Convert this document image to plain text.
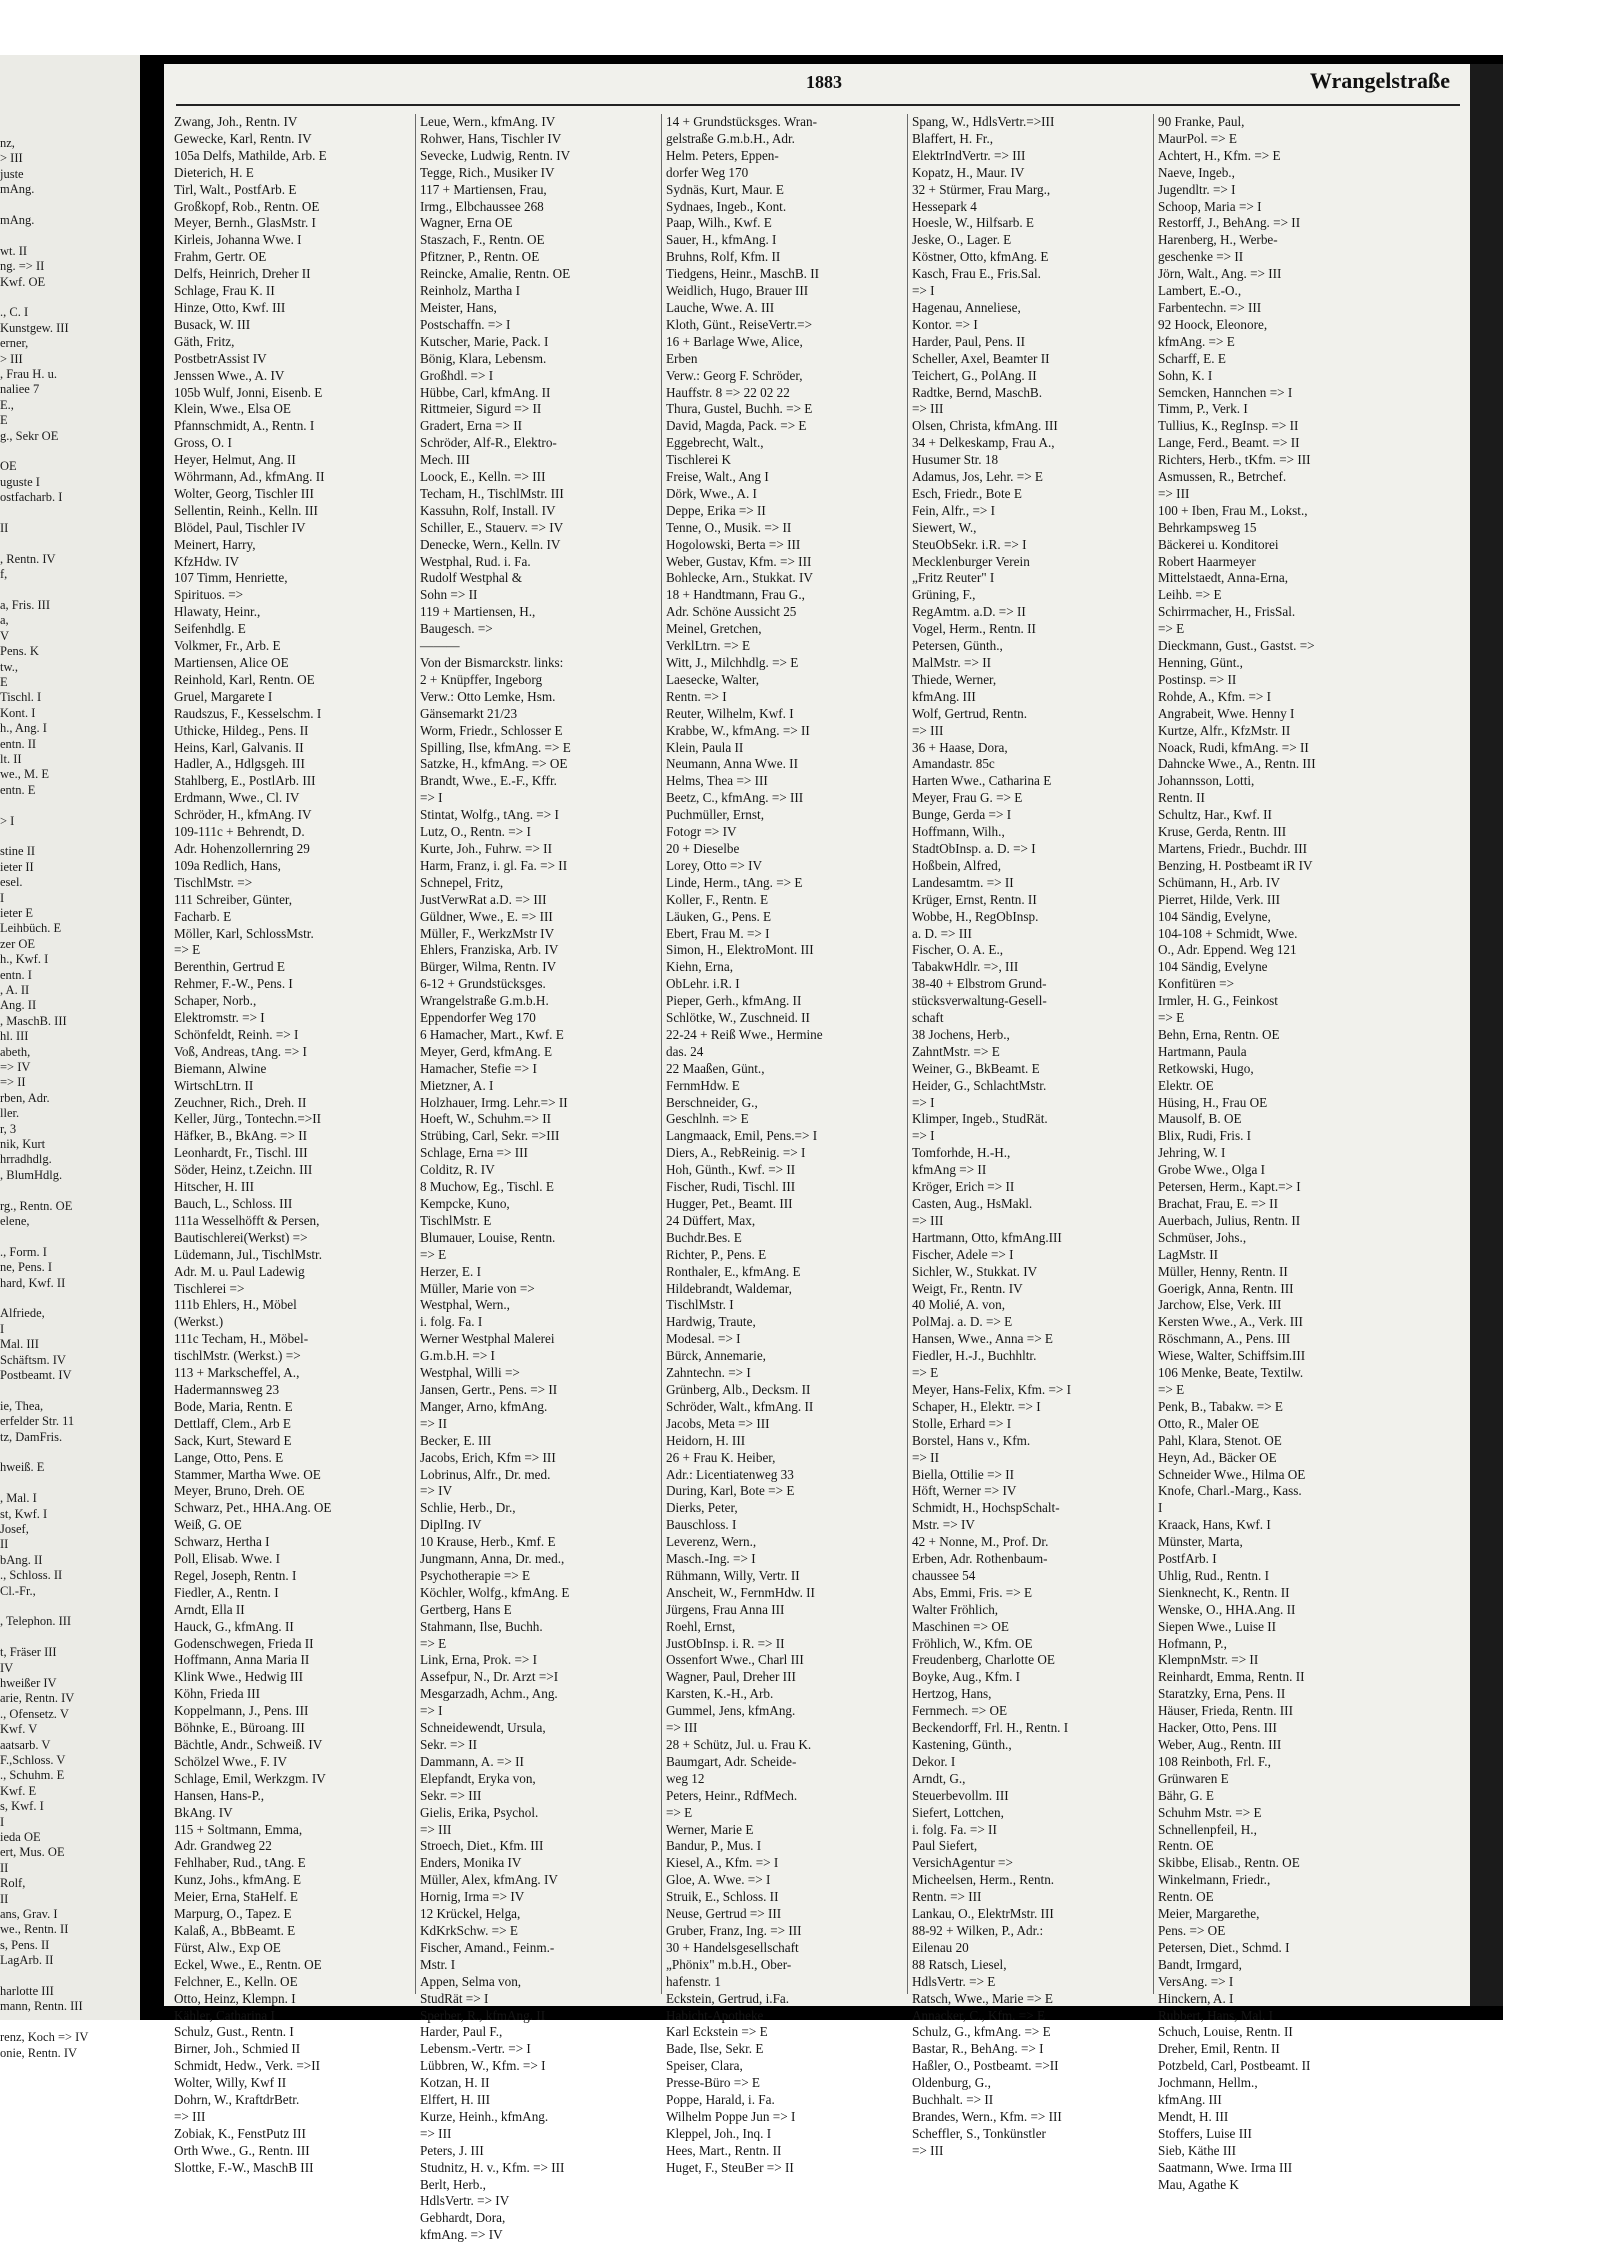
nz,
> III
juste
mAng.
mAng.
wt. II
ng. => II
Kwf. OE
., C. I
Kunstgew. III
erner,
> III
, Frau H. u.
naliee 7
E.,
E
g., Sekr OE
OE
uguste I
ostfacharb. I
II
, Rentn. IV
f,
a, Fris. III
a,
V
Pens. K
tw.,
E
Tischl. I
Kont. I
h., Ang. I
entn. II
lt. II
we., M. E
entn. E
> I
stine II
ieter II
esel.
I
ieter E
Leihbüch. E
zer OE
h., Kwf. I
entn. I
, A. II
Ang. II
, MaschB. III
hl. III
abeth,
=> IV
=> II
rben, Adr.
ller.
r, 3
nik, Kurt
hrradhdlg.
, BlumHdlg.
rg., Rentn. OE
elene,
., Form. I
ne, Pens. I
hard, Kwf. II
Alfriede,
I
Mal. III
Schäftsm. IV
Postbeamt. IV
ie, Thea,
erfelder Str. 11
tz, DamFris.
hweiß. E
, Mal. I
st, Kwf. I
Josef,
II
bAng. II
., Schloss. II
Cl.-Fr.,
, Telephon. III
t, Fräser III
IV
hweißer IV
arie, Rentn. IV
., Ofensetz. V
Kwf. V
aatsarb. V
F.,Schloss. V
., Schuhm. E
Kwf. E
s, Kwf. I
I
ieda OE
ert, Mus. OE
II
Rolf,
II
ans, Grav. I
we., Rentn. II
s, Pens. II
LagArb. II
harlotte III
mann, Rentn. III
renz, Koch => IV
onie, Rentn. IV
1883	Wrangelstraße
Zwang, Joh., Rentn. IV
Gewecke, Karl, Rentn. IV
105a Delfs, Mathilde, Arb. E
Dieterich, H. E
Tirl, Walt., PostfArb. E
Großkopf, Rob., Rentn. OE
Meyer, Bernh., GlasMstr. I
Kirleis, Johanna Wwe. I
Frahm, Gertr. OE
Delfs, Heinrich, Dreher II
Schlage, Frau K. II
Hinze, Otto, Kwf. III
Busack, W. III
Gäth, Fritz,
PostbetrAssist IV
Jenssen Wwe., A. IV
105b Wulf, Jonni, Eisenb. E
Klein, Wwe., Elsa OE
Pfannschmidt, A., Rentn. I
Gross, O. I
Heyer, Helmut, Ang. II
Wöhrmann, Ad., kfmAng. II
Wolter, Georg, Tischler III
Sellentin, Reinh., Kelln. III
Blödel, Paul, Tischler IV
Meinert, Harry,
KfzHdw. IV
107 Timm, Henriette,
Spirituos. =>
Hlawaty, Heinr.,
Seifenhdlg. E
Volkmer, Fr., Arb. E
Martiensen, Alice OE
Reinhold, Karl, Rentn. OE
Gruel, Margarete I
Raudszus, F., Kesselschm. I
Uthicke, Hildeg., Pens. II
Heins, Karl, Galvanis. II
Hadler, A., Hdlgsgeh. III
Stahlberg, E., PostlArb. III
Erdmann, Wwe., Cl. IV
Schröder, H., kfmAng. IV
109-111c + Behrendt, D.
Adr. Hohenzollernring 29
109a Redlich, Hans,
TischlMstr. =>
111 Schreiber, Günter,
Facharb. E
Möller, Karl, SchlossMstr.
=> E
Berenthin, Gertrud E
Rehmer, F.-W., Pens. I
Schaper, Norb.,
Elektromstr. => I
Schönfeldt, Reinh. => I
Voß, Andreas, tAng. => I
Biemann, Alwine
WirtschLtrn. II
Zeuchner, Rich., Dreh. II
Keller, Jürg., Tontechn.=>II
Häfker, B., BkAng. => II
Leonhardt, Fr., Tischl. III
Söder, Heinz, t.Zeichn. III
Hitscher, H. III
Bauch, L., Schloss. III
111a Wesselhöfft & Persen,
Bautischlerei(Werkst) =>
Lüdemann, Jul., TischlMstr.
Adr. M. u. Paul Ladewig
Tischlerei =>
111b Ehlers, H., Möbel
(Werkst.)
111c Techam, H., Möbel-
tischlMstr. (Werkst.) =>
113 + Markscheffel, A.,
Hadermannsweg 23
Bode, Maria, Rentn. E
Dettlaff, Clem., Arb E
Sack, Kurt, Steward E
Lange, Otto, Pens. E
Stammer, Martha Wwe. OE
Meyer, Bruno, Dreh. OE
Schwarz, Pet., HHA.Ang. OE
Weiß, G. OE
Schwarz, Hertha I
Poll, Elisab. Wwe. I
Regel, Joseph, Rentn. I
Fiedler, A., Rentn. I
Arndt, Ella II
Hauck, G., kfmAng. II
Godenschwegen, Frieda II
Hoffmann, Anna Maria II
Klink Wwe., Hedwig III
Köhn, Frieda III
Koppelmann, J., Pens. III
Böhnke, E., Büroang. III
Bächtle, Andr., Schweiß. IV
Schölzel Wwe., F. IV
Schlage, Emil, Werkzgm. IV
Hansen, Hans-P.,
BkAng. IV
115 + Soltmann, Emma,
Adr. Grandweg 22
Fehlhaber, Rud., tAng. E
Kunz, Johs., kfmAng. E
Meier, Erna, StaHelf. E
Marpurg, O., Tapez. E
Kalaß, A., BbBeamt. E
Fürst, Alw., Exp OE
Eckel, Wwe., E., Rentn. OE
Felchner, E., Kelln. OE
Otto, Heinz, Klempn. I
Kähler, Catharina I
Schulz, Gust., Rentn. I
Birner, Joh., Schmied II
Schmidt, Hedw., Verk. =>II
Wolter, Willy, Kwf II
Dohrn, W., KraftdrBetr.
=> III
Zobiak, K., FenstPutz III
Orth Wwe., G., Rentn. III
Slottke, F.-W., MaschB III
Leue, Wern., kfmAng. IV
Rohwer, Hans, Tischler IV
Sevecke, Ludwig, Rentn. IV
Tegge, Rich., Musiker IV
117 + Martiensen, Frau,
Irmg., Elbchaussee 268
Wagner, Erna OE
Staszach, F., Rentn. OE
Pfitzner, P., Rentn. OE
Reincke, Amalie, Rentn. OE
Reinholz, Martha I
Meister, Hans,
Postschaffn. => I
Kutscher, Marie, Pack. I
Bönig, Klara, Lebensm.
Großhdl. => I
Hübbe, Carl, kfmAng. II
Rittmeier, Sigurd => II
Gradert, Erna => II
Schröder, Alf-R., Elektro-
Mech. III
Loock, E., Kelln. => III
Techam, H., TischlMstr. III
Kassuhn, Rolf, Install. IV
Schiller, E., Stauerv. => IV
Denecke, Wern., Kelln. IV
Westphal, Rud. i. Fa.
Rudolf Westphal &
Sohn => II
119 + Martiensen, H.,
Baugesch. =>
———
Von der Bismarckstr. links:
2 + Knüpffer, Ingeborg
Verw.: Otto Lemke, Hsm.
Gänsemarkt 21/23
Worm, Friedr., Schlosser E
Spilling, Ilse, kfmAng. => E
Satzke, H., kfmAng. => OE
Brandt, Wwe., E.-F., Kffr.
=> I
Stintat, Wolfg., tAng. => I
Lutz, O., Rentn. => I
Kurte, Joh., Fuhrw. => II
Harm, Franz, i. gl. Fa. => II
Schnepel, Fritz,
JustVerwRat a.D. => III
Güldner, Wwe., E. => III
Müller, F., WerkzMstr IV
Ehlers, Franziska, Arb. IV
Bürger, Wilma, Rentn. IV
6-12 + Grundstücksges.
Wrangelstraße G.m.b.H.
Eppendorfer Weg 170
6 Hamacher, Mart., Kwf. E
Meyer, Gerd, kfmAng. E
Hamacher, Stefie => I
Mietzner, A. I
Holzhauer, Irmg. Lehr.=> II
Hoeft, W., Schuhm.=> II
Strübing, Carl, Sekr. =>III
Schlage, Erna => III
Colditz, R. IV
8 Muchow, Eg., Tischl. E
Kempcke, Kuno,
TischlMstr. E
Blumauer, Louise, Rentn.
=> E
Herzer, E. I
Müller, Marie von =>
Westphal, Wern.,
i. folg. Fa. I
Werner Westphal Malerei
G.m.b.H. => I
Westphal, Willi =>
Jansen, Gertr., Pens. => II
Manger, Arno, kfmAng.
=> II
Becker, E. III
Jacobs, Erich, Kfm => III
Lobrinus, Alfr., Dr. med.
=> IV
Schlie, Herb., Dr.,
DiplIng. IV
10 Krause, Herb., Kmf. E
Jungmann, Anna, Dr. med.,
Psychotherapie => E
Köchler, Wolfg., kfmAng. E
Gertberg, Hans E
Stahmann, Ilse, Buchh.
=> E
Link, Erna, Prok. => I
Assefpur, N., Dr. Arzt =>I
Mesgarzadh, Achm., Ang.
=> I
Schneidewendt, Ursula,
Sekr. => II
Dammann, A. => II
Elepfandt, Eryka von,
Sekr. => III
Gielis, Erika, Psychol.
=> III
Stroech, Diet., Kfm. III
Enders, Monika IV
Müller, Alex, kfmAng. IV
Hornig, Irma => IV
12 Krückel, Helga,
KdKrkSchw. => E
Fischer, Amand., Feinm.-
Mstr. I
Appen, Selma von,
StudRät => I
Sperber, R., kfmAng. II
Harder, Paul F.,
Lebensm.-Vertr. => I
Lübbren, W., Kfm. => I
Kotzan, H. II
Elffert, H. III
Kurze, Heinh., kfmAng.
=> III
Peters, J. III
Studnitz, H. v., Kfm. => III
Berlt, Herb.,
HdlsVertr. => IV
Gebhardt, Dora,
kfmAng. => IV
14 + Grundstücksges. Wran-
gelstraße G.m.b.H., Adr.
Helm. Peters, Eppen-
dorfer Weg 170
Sydnäs, Kurt, Maur. E
Sydnaes, Ingeb., Kont.
Paap, Wilh., Kwf. E
Sauer, H., kfmAng. I
Bruhns, Rolf, Kfm. II
Tiedgens, Heinr., MaschB. II
Weidlich, Hugo, Brauer III
Lauche, Wwe. A. III
Kloth, Günt., ReiseVertr.=>
16 + Barlage Wwe, Alice,
Erben
Verw.: Georg F. Schröder,
Hauffstr. 8 => 22 02 22
Thura, Gustel, Buchh. => E
David, Magda, Pack. => E
Eggebrecht, Walt.,
Tischlerei K
Freise, Walt., Ang I
Dörk, Wwe., A. I
Deppe, Erika => II
Tenne, O., Musik. => II
Hogolowski, Berta => III
Weber, Gustav, Kfm. => III
Bohlecke, Arn., Stukkat. IV
18 + Handtmann, Frau G.,
Adr. Schöne Aussicht 25
Meinel, Gretchen,
VerklLtrn. => E
Witt, J., Milchhdlg. => E
Laesecke, Walter,
Rentn. => I
Reuter, Wilhelm, Kwf. I
Krabbe, W., kfmAng. => II
Klein, Paula II
Neumann, Anna Wwe. II
Helms, Thea => III
Beetz, C., kfmAng. => III
Puchmüller, Ernst,
Fotogr => IV
20 + Dieselbe
Lorey, Otto => IV
Linde, Herm., tAng. => E
Koller, F., Rentn. E
Läuken, G., Pens. E
Ebert, Frau M. => I
Simon, H., ElektroMont. III
Kiehn, Erna,
ObLehr. i.R. I
Pieper, Gerh., kfmAng. II
Schlötke, W., Zuschneid. II
22-24 + Reiß Wwe., Hermine
das. 24
22 Maaßen, Günt.,
FernmHdw. E
Berschneider, G.,
Geschlnh. => E
Langmaack, Emil, Pens.=> I
Diers, A., RebReinig. => I
Hoh, Günth., Kwf. => II
Fischer, Rudi, Tischl. III
Hugger, Pet., Beamt. III
24 Düffert, Max,
Buchdr.Bes. E
Richter, P., Pens. E
Ronthaler, E., kfmAng. E
Hildebrandt, Waldemar,
TischlMstr. I
Hardwig, Traute,
Modesal. => I
Bürck, Annemarie,
Zahntechn. => I
Grünberg, Alb., Decksm. II
Schröder, Walt., kfmAng. II
Jacobs, Meta => III
Heidorn, H. III
26 + Frau K. Heiber,
Adr.: Licentiatenweg 33
During, Karl, Bote => E
Dierks, Peter,
Bauschloss. I
Leverenz, Wern.,
Masch.-Ing. => I
Rühmann, Willy, Vertr. II
Anscheit, W., FernmHdw. II
Jürgens, Frau Anna III
Roehl, Ernst,
JustObInsp. i. R. => II
Ossenfort Wwe., Charl III
Wagner, Paul, Dreher III
Karsten, K.-H., Arb.
Gummel, Jens, kfmAng.
=> III
28 + Schütz, Jul. u. Frau K.
Baumgart, Adr. Scheide-
weg 12
Peters, Heinr., RdfMech.
=> E
Werner, Marie E
Bandur, P., Mus. I
Kiesel, A., Kfm. => I
Gloe, A. Wwe. => I
Struik, E., Schloss. II
Neuse, Gertrud => III
Gruber, Franz, Ing. => III
30 + Handelsgesellschaft
„Phönix" m.b.H., Ober-
hafenstr. 1
Eckstein, Gertrud, i.Fa.
Habicht-Apotheke
Karl Eckstein => E
Bade, Ilse, Sekr. E
Speiser, Clara,
Presse-Büro => E
Poppe, Harald, i. Fa.
Wilhelm Poppe Jun => I
Kleppel, Joh., Inq. I
Hees, Mart., Rentn. II
Huget, F., SteuBer => II
Spang, W., HdlsVertr.=>III
Blaffert, H. Fr.,
ElektrIndVertr. => III
Kopatz, H., Maur. IV
32 + Stürmer, Frau Marg.,
Hessepark 4
Hoesle, W., Hilfsarb. E
Jeske, O., Lager. E
Köstner, Otto, kfmAng. E
Kasch, Frau E., Fris.Sal.
=> I
Hagenau, Anneliese,
Kontor. => I
Harder, Paul, Pens. II
Scheller, Axel, Beamter II
Teichert, G., PolAng. II
Radtke, Bernd, MaschB.
=> III
Olsen, Christa, kfmAng. III
34 + Delkeskamp, Frau A.,
Husumer Str. 18
Adamus, Jos, Lehr. => E
Esch, Friedr., Bote E
Fein, Alfr., => I
Siewert, W.,
SteuObSekr. i.R. => I
Mecklenburger Verein
„Fritz Reuter" I
Grüning, F.,
RegAmtm. a.D. => II
Vogel, Herm., Rentn. II
Petersen, Günth.,
MalMstr. => II
Thiede, Werner,
kfmAng. III
Wolf, Gertrud, Rentn.
=> III
36 + Haase, Dora,
Amandastr. 85c
Harten Wwe., Catharina E
Meyer, Frau G. => E
Bunge, Gerda => I
Hoffmann, Wilh.,
StadtObInsp. a. D. => I
Hoßbein, Alfred,
Landesamtm. => II
Krüger, Ernst, Rentn. II
Wobbe, H., RegObInsp.
a. D. => III
Fischer, O. A. E.,
TabakwHdlr. =>, III
38-40 + Elbstrom Grund-
stücksverwaltung-Gesell-
schaft
38 Jochens, Herb.,
ZahntMstr. => E
Weiner, G., BkBeamt. E
Heider, G., SchlachtMstr.
=> I
Klimper, Ingeb., StudRät.
=> I
Tomforhde, H.-H.,
kfmAng => II
Kröger, Erich => II
Casten, Aug., HsMakl.
=> III
Hartmann, Otto, kfmAng.III
Fischer, Adele => I
Sichler, W., Stukkat. IV
Weigt, Fr., Rentn. IV
40 Molié, A. von,
PolMaj. a. D. => E
Hansen, Wwe., Anna => E
Fiedler, H.-J., Buchhltr.
=> E
Meyer, Hans-Felix, Kfm. => I
Schaper, H., Elektr. => I
Stolle, Erhard => I
Borstel, Hans v., Kfm.
=> II
Biella, Ottilie => II
Höft, Werner => IV
Schmidt, H., HochspSchalt-
Mstr. => IV
42 + Nonne, M., Prof. Dr.
Erben, Adr. Rothenbaum-
chaussee 54
Abs, Emmi, Fris. => E
Walter Fröhlich,
Maschinen => OE
Fröhlich, W., Kfm. OE
Freudenberg, Charlotte OE
Boyke, Aug., Kfm. I
Hertzog, Hans,
Fernmech. => OE
Beckendorff, Frl. H., Rentn. I
Kastening, Günth.,
Dekor. I
Arndt, G.,
Steuerbevollm. III
Siefert, Lottchen,
i. folg. Fa. => II
Paul Siefert,
VersichAgentur =>
Micheelsen, Herm., Rentn.
Rentn. => III
Lankau, O., ElektrMstr. III
88-92 + Wilken, P., Adr.:
Eilenau 20
88 Ratsch, Liesel,
HdlsVertr. => E
Ratsch, Wwe., Marie => E
Annacker, C., Kfm. => E
Schulz, G., kfmAng. => E
Bastar, R., BehAng. => I
Haßler, O., Postbeamt. =>II
Oldenburg, G.,
Buchhalt. => II
Brandes, Wern., Kfm. => III
Scheffler, S., Tonkünstler
=> III
90 Franke, Paul,
MaurPol. => E
Achtert, H., Kfm. => E
Naeve, Ingeb.,
Jugendltr. => I
Schoop, Maria => I
Restorff, J., BehAng. => II
Harenberg, H., Werbe-
geschenke => II
Jörn, Walt., Ang. => III
Lambert, E.-O.,
Farbentechn. => III
92 Hoock, Eleonore,
kfmAng. => E
Scharff, E. E
Sohn, K. I
Semcken, Hannchen => I
Timm, P., Verk. I
Tullius, K., RegInsp. => II
Lange, Ferd., Beamt. => II
Richters, Herb., tKfm. => III
Asmussen, R., Betrchef.
=> III
100 + Iben, Frau M., Lokst.,
Behrkampsweg 15
Bäckerei u. Konditorei
Robert Haarmeyer
Mittelstaedt, Anna-Erna,
Leihb. => E
Schirrmacher, H., FrisSal.
=> E
Dieckmann, Gust., Gastst. =>
Henning, Günt.,
Postinsp. => II
Rohde, A., Kfm. => I
Angrabeit, Wwe. Henny I
Kurtze, Alfr., KfzMstr. II
Noack, Rudi, kfmAng. => II
Dahncke Wwe., A., Rentn. III
Johannsson, Lotti,
Rentn. II
Schultz, Har., Kwf. II
Kruse, Gerda, Rentn. III
Martens, Friedr., Buchdr. III
Benzing, H. Postbeamt iR IV
Schümann, H., Arb. IV
Pierret, Hilde, Verk. III
104 Sändig, Evelyne,
104-108 + Schmidt, Wwe.
O., Adr. Eppend. Weg 121
104 Sändig, Evelyne
Konfitüren =>
Irmler, H. G., Feinkost
=> E
Behn, Erna, Rentn. OE
Hartmann, Paula
Retkowski, Hugo,
Elektr. OE
Hüsing, H., Frau OE
Mausolf, B. OE
Blix, Rudi, Fris. I
Jehring, W. I
Grobe Wwe., Olga I
Petersen, Herm., Kapt.=> I
Brachat, Frau, E. => II
Auerbach, Julius, Rentn. II
Schmüser, Johs.,
LagMstr. II
Müller, Henny, Rentn. II
Goerigk, Anna, Rentn. III
Jarchow, Else, Verk. III
Kersten Wwe., A., Verk. III
Röschmann, A., Pens. III
Wiese, Walter, Schiffsim.III
106 Menke, Beate, Textilw.
=> E
Penk, B., Tabakw. => E
Otto, R., Maler OE
Pahl, Klara, Stenot. OE
Heyn, Ad., Bäcker OE
Schneider Wwe., Hilma OE
Knofe, Charl.-Marg., Kass.
I
Kraack, Hans, Kwf. I
Münster, Marta,
PostfArb. I
Uhlig, Rud., Rentn. I
Sienknecht, K., Rentn. II
Wenske, O., HHA.Ang. II
Siepen Wwe., Luise II
Hofmann, P.,
KlempnMstr. => II
Reinhardt, Emma, Rentn. II
Staratzky, Erna, Pens. II
Häuser, Frieda, Rentn. III
Hacker, Otto, Pens. III
Weber, Aug., Rentn. III
108 Reinboth, Frl. F.,
Grünwaren E
Bähr, G. E
Schuhm Mstr. => E
Schnellenpfeil, H.,
Rentn. OE
Skibbe, Elisab., Rentn. OE
Winkelmann, Friedr.,
Rentn. OE
Meier, Margarethe,
Pens. => OE
Petersen, Diet., Schmd. I
Bandt, Irmgard,
VersAng. => I
Hinckern, A. I
Rubbert, Hans, Mal. I
Schuch, Louise, Rentn. II
Dreher, Emil, Rentn. II
Potzbeld, Carl, Postbeamt. II
Jochmann, Hellm.,
kfmAng. III
Mendt, H. III
Stoffers, Luise III
Sieb, Käthe III
Saatmann, Wwe. Irma III
Mau, Agathe K
